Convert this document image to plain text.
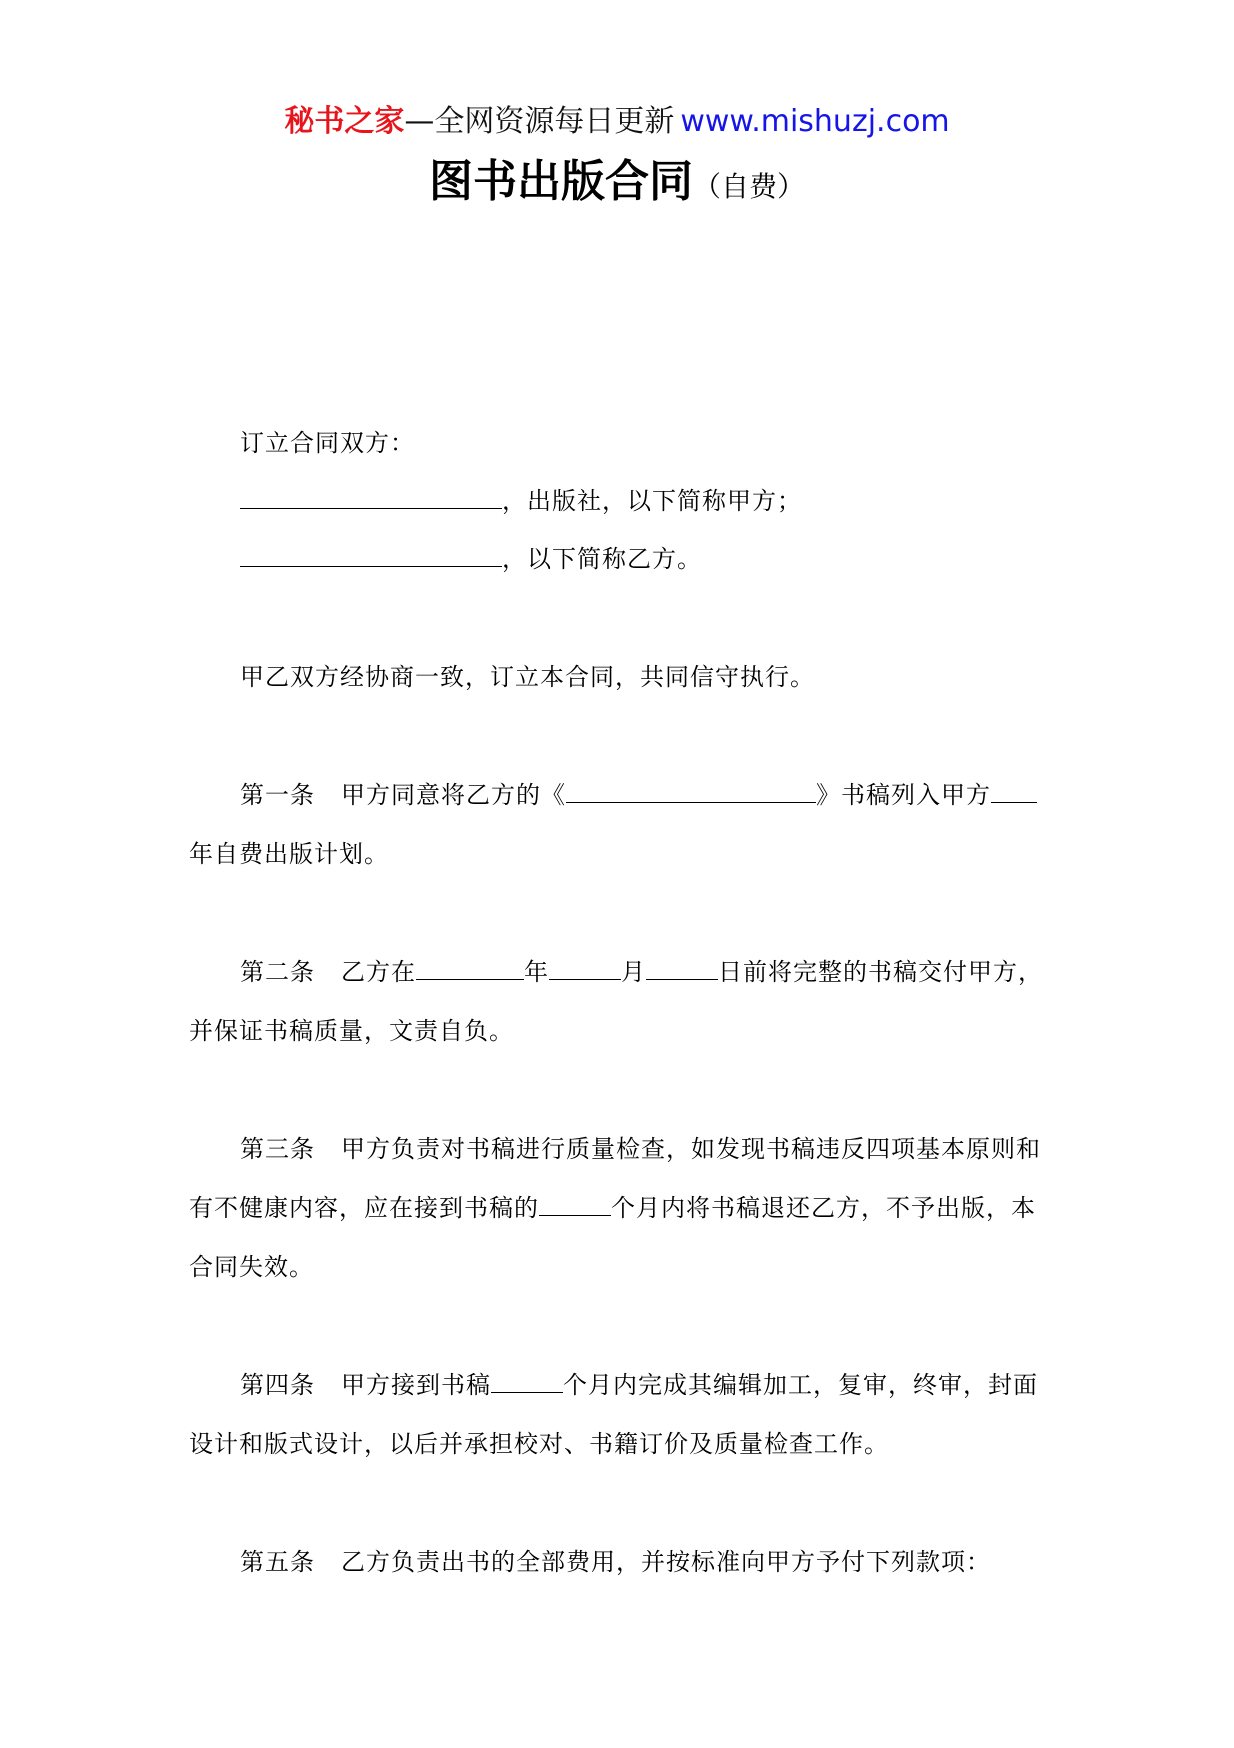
秘书之家—全网资源每日更新 www.mishuzj.com
图书出版合同（自费）
订立合同双方：
，出版社，以下简称甲方；
，以下简称乙方。
甲乙双方经协商一致，订立本合同，共同信守执行。
第一条 甲方同意将乙方的《	》书稿列入甲方
年自费出版计划。
第二条 乙方在	年	月	日前将完整的书稿交付甲方，
并保证书稿质量，文责自负。
第三条 甲方负责对书稿进行质量检查，如发现书稿违反四项基本原则和
有不健康内容，应在接到书稿的	个月内将书稿退还乙方，不予出版，本
合同失效。
第四条 甲方接到书稿	个月内完成其编辑加工，复审，终审，封面
设计和版式设计，以后并承担校对、书籍订价及质量检查工作。
第五条 乙方负责出书的全部费用，并按标准向甲方予付下列款项：
